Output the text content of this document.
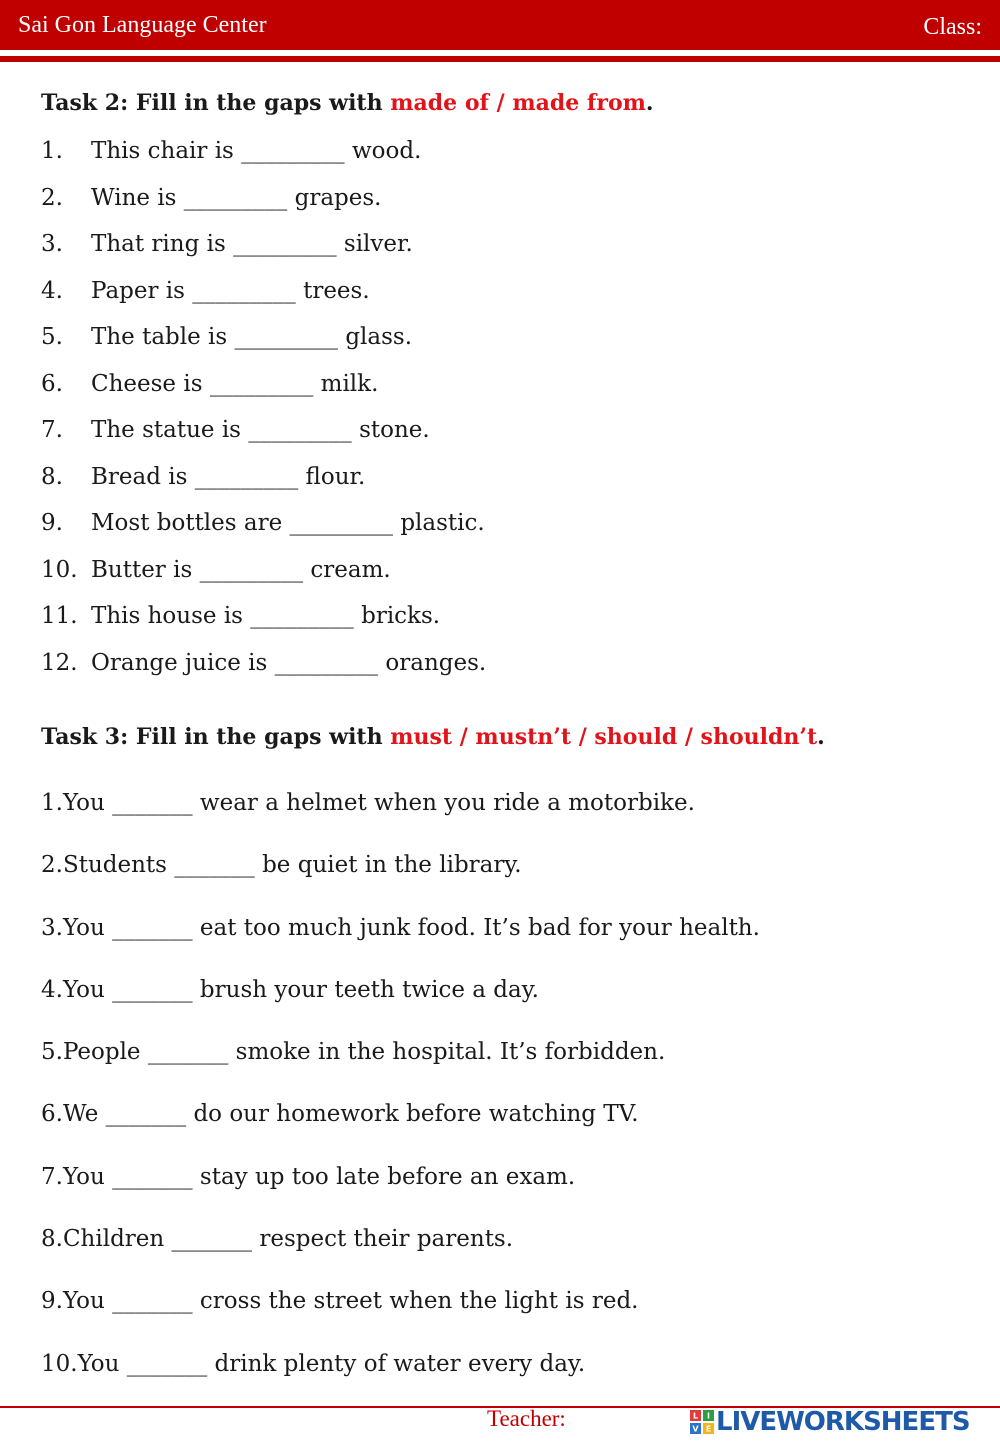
Sai Gon Language Center	Class:
Task 2: Fill in the gaps with made of / made from.
1.	This chair is _________ wood.
2.	Wine is _________ grapes.
3.	That ring is _________ silver.
4.	Paper is _________ trees.
5.	The table is _________ glass.
6.	Cheese is _________ milk.
7.	The statue is _________ stone.
8.	Bread is _________ flour.
9.	Most bottles are _________ plastic.
10. Butter is _________ cream.
11. This house is _________ bricks.
12. Orange juice is _________ oranges.
Task 3: Fill in the gaps with must / mustn’t / should / shouldn’t.
1.You _______ wear a helmet when you ride a motorbike.
2.Students _______ be quiet in the library.
3.You _______ eat too much junk food. It’s bad for your health.
4.You _______ brush your teeth twice a day.
5.People _______ smoke in the hospital. It’s forbidden.
6.We _______ do our homework before watching TV.
7.You _______ stay up too late before an exam.
8.Children _______ respect their parents.
9.You _______ cross the street when the light is red.
10.You _______ drink plenty of water every day.
Teacher:	L I
V E LIVEWORKSHEETS
